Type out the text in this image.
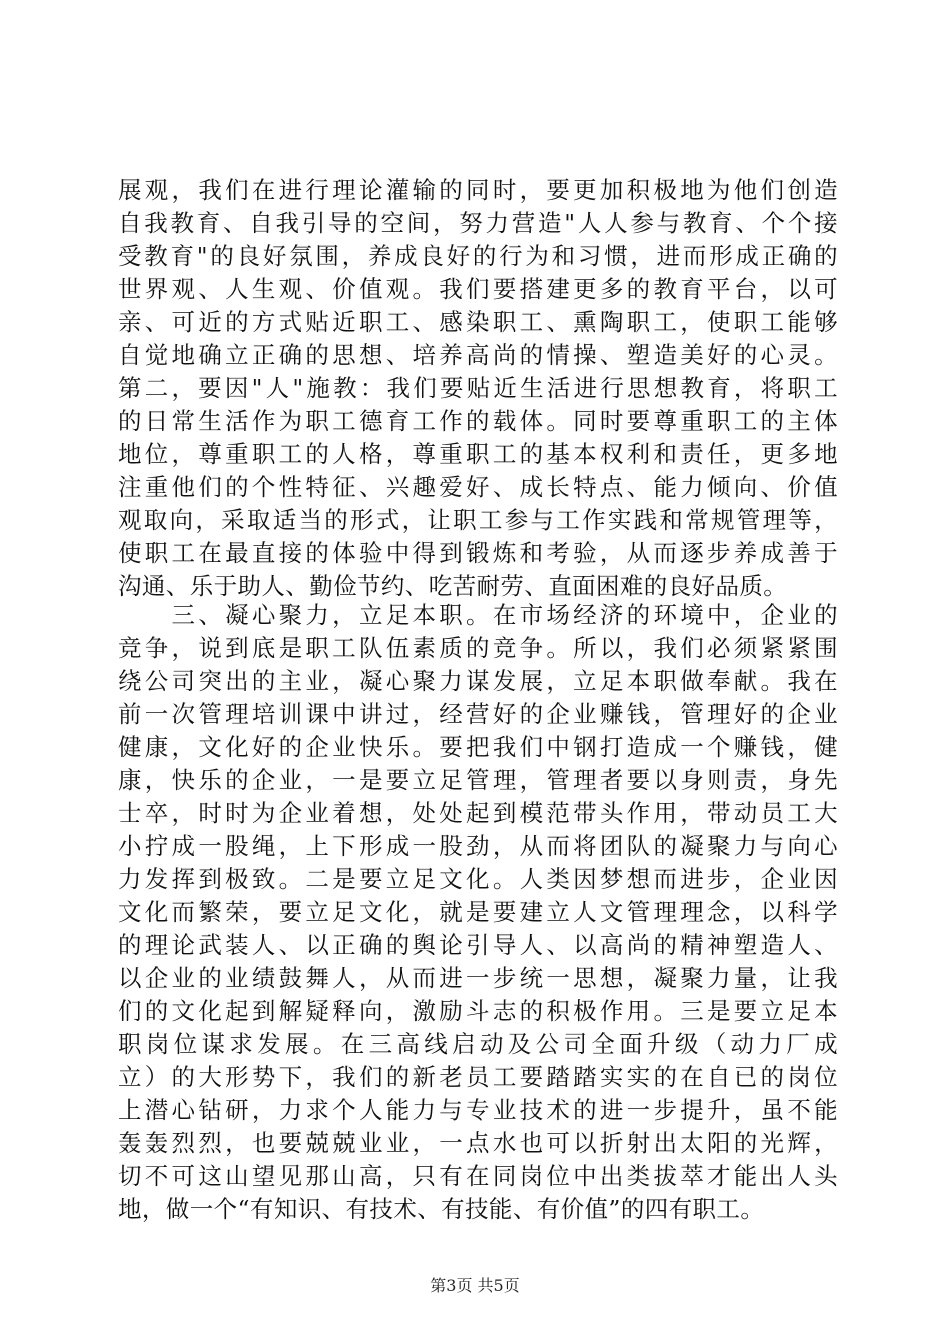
展观，我们在进行理论灌输的同时，要更加积极地为他们创造
自我教育、自我引导的空间，努力营造"人人参与教育、个个接
受教育"的良好氛围，养成良好的行为和习惯，进而形成正确的
世界观、人生观、价值观。我们要搭建更多的教育平台，以可
亲、可近的方式贴近职工、感染职工、熏陶职工，使职工能够
自觉地确立正确的思想、培养高尚的情操、塑造美好的心灵。
第二，要因"人"施教：我们要贴近生活进行思想教育，将职工
的日常生活作为职工德育工作的载体。同时要尊重职工的主体
地位，尊重职工的人格，尊重职工的基本权利和责任，更多地
注重他们的个性特征、兴趣爱好、成长特点、能力倾向、价值
观取向，采取适当的形式，让职工参与工作实践和常规管理等，
使职工在最直接的体验中得到锻炼和考验，从而逐步养成善于
沟通、乐于助人、勤俭节约、吃苦耐劳、直面困难的良好品质。
　　三、凝心聚力，立足本职。在市场经济的环境中，企业的
竞争，说到底是职工队伍素质的竞争。所以，我们必须紧紧围
绕公司突出的主业，凝心聚力谋发展，立足本职做奉献。我在
前一次管理培训课中讲过，经营好的企业赚钱，管理好的企业
健康，文化好的企业快乐。要把我们中钢打造成一个赚钱，健
康，快乐的企业，一是要立足管理，管理者要以身则责，身先
士卒，时时为企业着想，处处起到模范带头作用，带动员工大
小拧成一股绳，上下形成一股劲，从而将团队的凝聚力与向心
力发挥到极致。二是要立足文化。人类因梦想而进步，企业因
文化而繁荣，要立足文化，就是要建立人文管理理念，以科学
的理论武装人、以正确的舆论引导人、以高尚的精神塑造人、
以企业的业绩鼓舞人，从而进一步统一思想，凝聚力量，让我
们的文化起到解疑释向，激励斗志的积极作用。三是要立足本
职岗位谋求发展。在三高线启动及公司全面升级（动力厂成
立）的大形势下，我们的新老员工要踏踏实实的在自已的岗位
上潜心钻研，力求个人能力与专业技术的进一步提升，虽不能
轰轰烈烈，也要兢兢业业，一点水也可以折射出太阳的光辉，
切不可这山望见那山高，只有在同岗位中出类拔萃才能出人头
地，做一个“有知识、有技术、有技能、有价值”的四有职工。
第3页 共5页
